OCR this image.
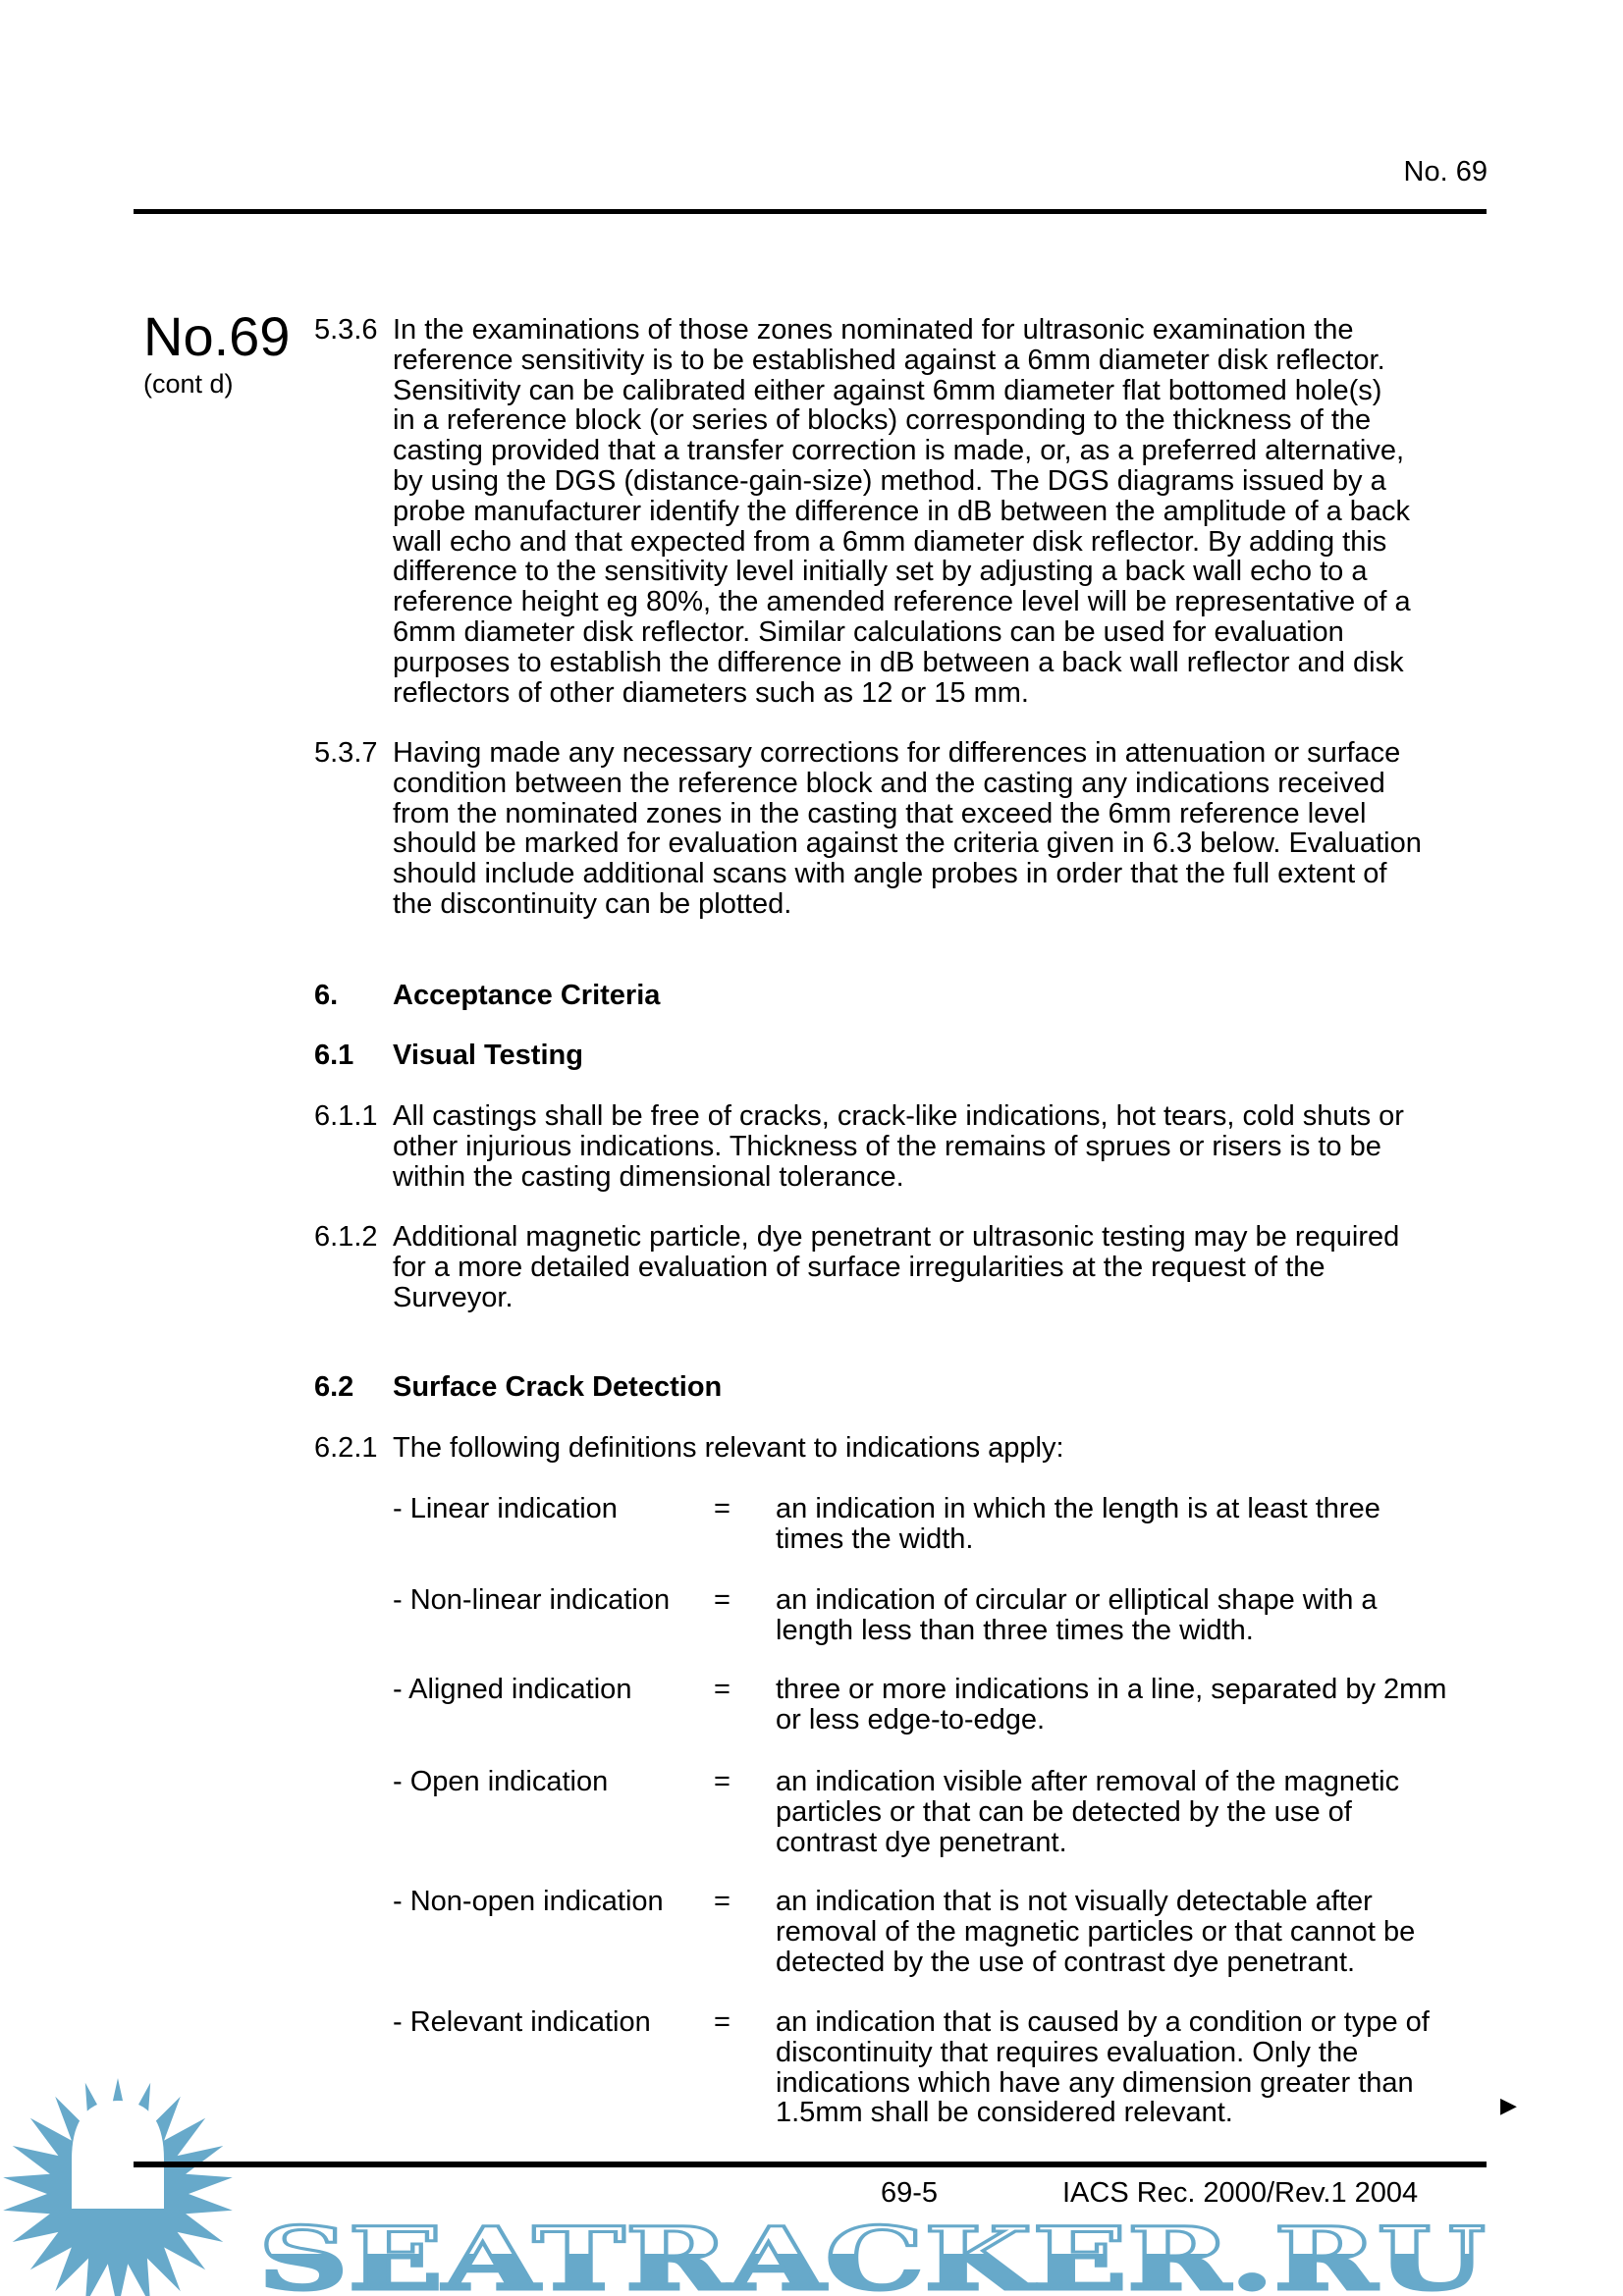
No. 69
No.69
(cont d)
5.3.6 In the examinations of those zones nominated for ultrasonic examination the
reference sensitivity is to be established against a 6mm diameter disk reflector.
Sensitivity can be calibrated either against 6mm diameter flat bottomed hole(s)
in a reference block (or series of blocks) corresponding to the thickness of the
casting provided that a transfer correction is made, or, as a preferred alternative,
by using the DGS (distance-gain-size) method. The DGS diagrams issued by a
probe manufacturer identify the difference in dB between the amplitude of a back
wall echo and that expected from a 6mm diameter disk reflector. By adding this
difference to the sensitivity level initially set by adjusting a back wall echo to a
reference height eg 80%, the amended reference level will be representative of a
6mm diameter disk reflector. Similar calculations can be used for evaluation
purposes to establish the difference in dB between a back wall reflector and disk
reflectors of other diameters such as 12 or 15 mm.
5.3.7 Having made any necessary corrections for differences in attenuation or surface
condition between the reference block and the casting any indications received
from the nominated zones in the casting that exceed the 6mm reference level
should be marked for evaluation against the criteria given in 6.3 below. Evaluation
should include additional scans with angle probes in order that the full extent of
the discontinuity can be plotted.
6. Acceptance Criteria
6.1 Visual Testing
6.1.1 All castings shall be free of cracks, crack-like indications, hot tears, cold shuts or
other injurious indications. Thickness of the remains of sprues or risers is to be
within the casting dimensional tolerance.
6.1.2 Additional magnetic particle, dye penetrant or ultrasonic testing may be required
for a more detailed evaluation of surface irregularities at the request of the
Surveyor.
6.2 Surface Crack Detection
6.2.1 The following definitions relevant to indications apply:
- Linear indication	= an indication in which the length is at least three
times the width.
- Non-linear indication = an indication of circular or elliptical shape with a
length less than three times the width.
- Aligned indication	= three or more indications in a line, separated by 2mm
or less edge-to-edge.
- Open indication	= an indication visible after removal of the magnetic
particles or that can be detected by the use of
contrast dye penetrant.
- Non-open indication = an indication that is not visually detectable after
removal of the magnetic particles or that cannot be
detected by the use of contrast dye penetrant.
- Relevant indication = an indication that is caused by a condition or type of
discontinuity that requires evaluation. Only the
indications which have any dimension greater than
1.5mm shall be considered relevant.	▶
SEATRACKER.RU
69-5	IACS Rec. 2000/Rev.1 2004
